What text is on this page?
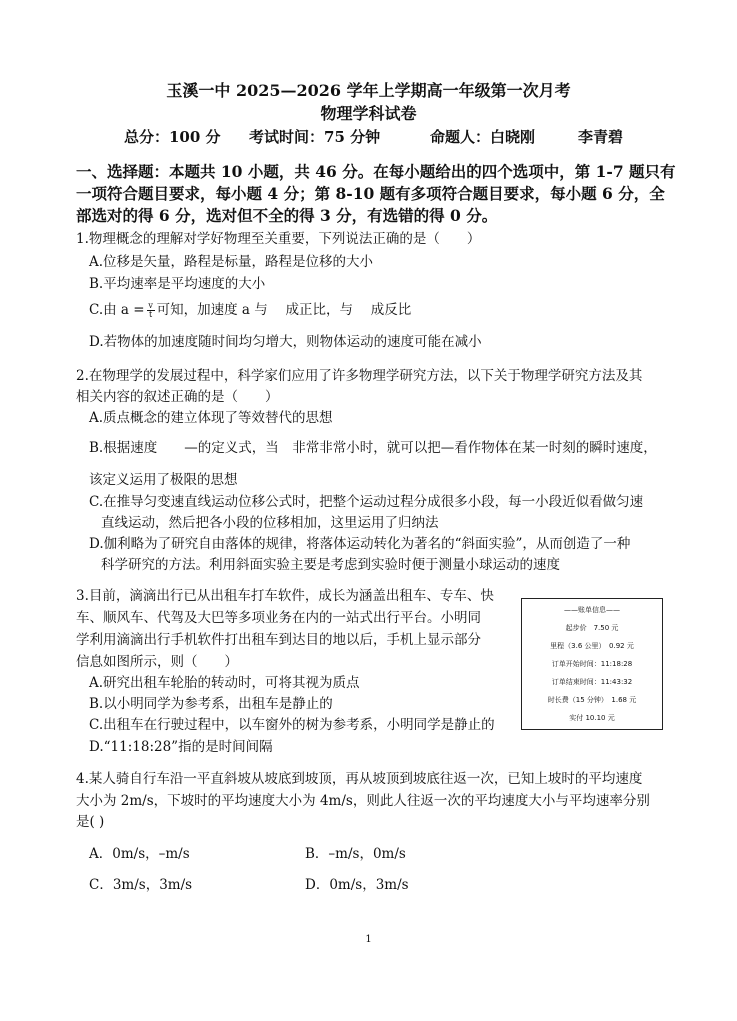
玉溪一中 2025—2026 学年上学期高一年级第一次月考
物理学科试卷
总分：100 分 考试时间：75 分钟	命题人：白晓刚	李青碧
一、选择题：本题共 10 小题，共 46 分。在每小题给出的四个选项中，第 1-7 题只有
一项符合题目要求，每小题 4 分；第 8-10 题有多项符合题目要求，每小题 6 分，全
部选对的得 6 分，选对但不全的得 3 分，有选错的得 0 分。
1.物理概念的理解对学好物理至关重要，下列说法正确的是（　　）
A.位移是矢量，路程是标量，路程是位移的大小
B.平均速率是平均速度的大小
C.由 $a = \frac{v}{t}$ 可知，加速度 a 与　 成正比，与　 成反比
D.若物体的加速度随时间均匀增大，则物体运动的速度可能在减小
2.在物理学的发展过程中，科学家们应用了许多物理学研究方法，以下关于物理学研究方法及其
相关内容的叙述正确的是（　　）
A.质点概念的建立体现了等效替代的思想
B.根据速度　　—的定义式，当　非常非常小时，就可以把—看作物体在某一时刻的瞬时速度，
该定义运用了极限的思想
C.在推导匀变速直线运动位移公式时，把整个运动过程分成很多小段，每一小段近似看做匀速
直线运动，然后把各小段的位移相加，这里运用了归纳法
D.伽利略为了研究自由落体的规律，将落体运动转化为著名的“斜面实验”，从而创造了一种
科学研究的方法。利用斜面实验主要是考虑到实验时便于测量小球运动的速度
3.目前，滴滴出行已从出租车打车软件，成长为涵盖出租车、专车、快
车、顺风车、代驾及大巴等多项业务在内的一站式出行平台。小明同
学利用滴滴出行手机软件打出租车到达目的地以后，手机上显示部分
信息如图所示，则（　　）
A.研究出租车轮胎的转动时，可将其视为质点
B.以小明同学为参考系，出租车是静止的
C.出租车在行驶过程中，以车窗外的树为参考系，小明同学是静止的
D.“11:18:28”指的是时间间隔
——账单信息——
起步价　7.50 元
里程（3.6 公里）　0.92 元
订单开始时间：11:18:28
订单结束时间：11:43:32
时长费（15 分钟）　1.68 元
实付 10.10 元
4.某人骑自行车沿一平直斜坡从坡底到坡顶，再从坡顶到坡底往返一次，已知上坡时的平均速度
大小为 2m/s，下坡时的平均速度大小为 4m/s，则此人往返一次的平均速度大小与平均速率分别
是( )
A．0m/s，–m/s	B．–m/s，0m/s
C．3m/s，3m/s	D．0m/s，3m/s
1
